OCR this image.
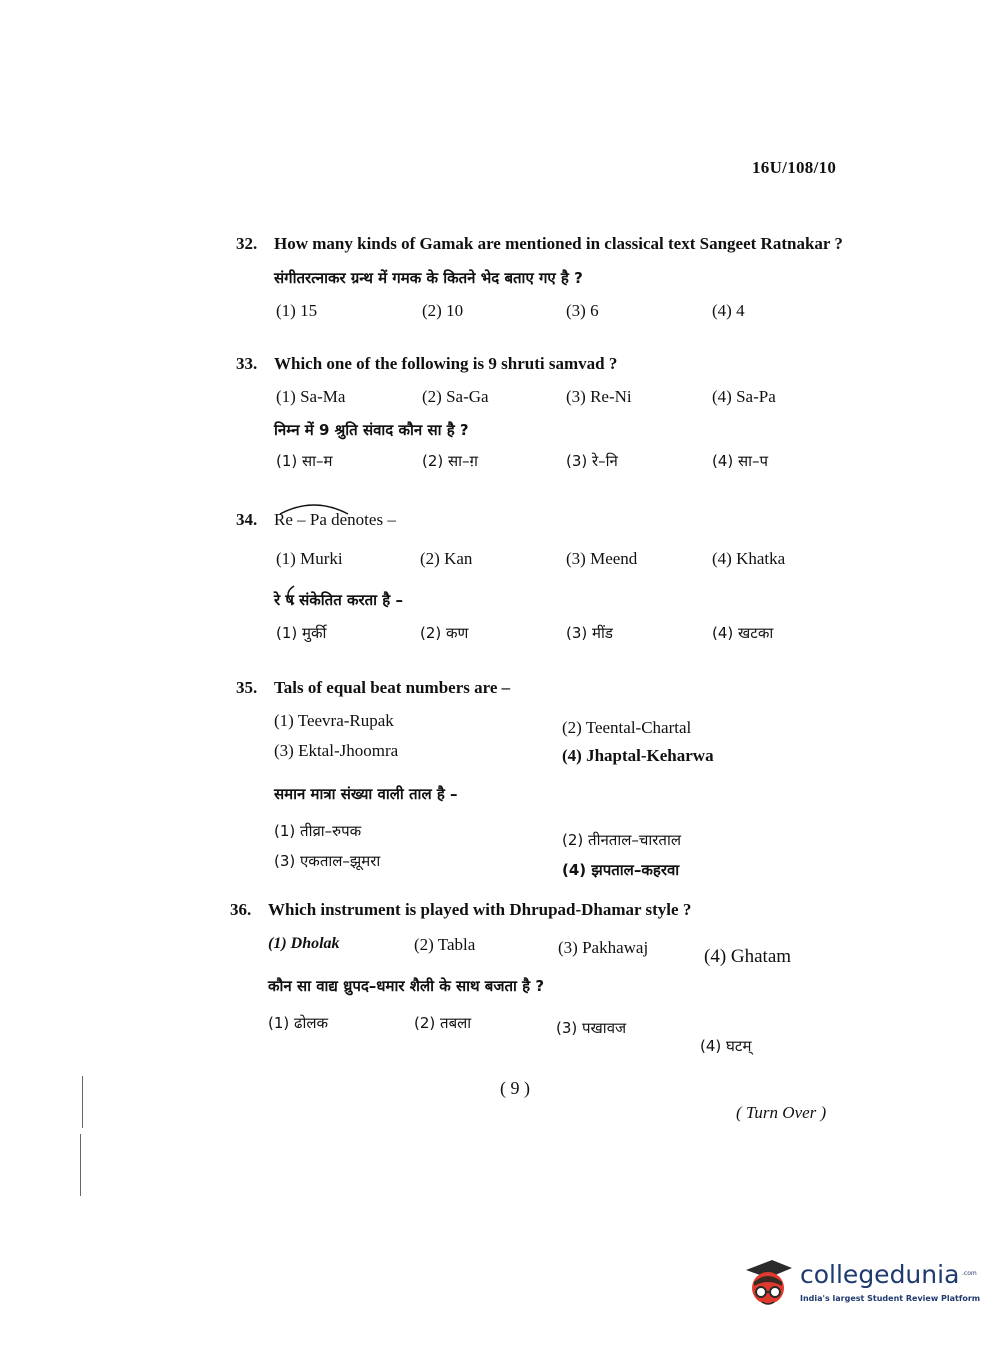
16U/108/10
32. How many kinds of Gamak are mentioned in classical text Sangeet Ratnakar ?
संगीतरत्नाकर ग्रन्थ में गमक के कितने भेद बताए गए है ?
(1) 15	(2) 10	(3) 6	(4) 4
33. Which one of the following is 9 shruti samvad ?
(1) Sa-Ma	(2) Sa-Ga	(3) Re-Ni	(4) Sa-Pa
निम्न में 9 श्रुति संवाद कौन सा है ?
(1) सा–म	(2) सा–ग़	(3) रे–नि	(4) सा–प
34. Re – Pa denotes –
(1) Murki	(2) Kan	(3) Meend	(4) Khatka
रे प संकेतित करता है –
(1) मुर्की	(2) कण	(3) मींड	(4) खटका
35. Tals of equal beat numbers are –
(1) Teevra-Rupak	(2) Teental-Chartal
(3) Ektal-Jhoomra	(4) Jhaptal-Keharwa
समान मात्रा संख्या वाली ताल है –
(1) तीव्रा–रुपक	(2) तीनताल–चारताल
(3) एकताल–झूमरा	(4) झपताल–कहरवा
36. Which instrument is played with Dhrupad-Dhamar style ?
(1) Dholak	(2) Tabla	(3) Pakhawaj	(4) Ghatam
कौन सा वाद्य ध्रुपद–धमार शैली के साथ बजता है ?
(1) ढोलक	(2) तबला	(3) पखावज
(4) घटम्
( 9 )
( Turn Over )
collegedunia .com
India's largest Student Review Platform
